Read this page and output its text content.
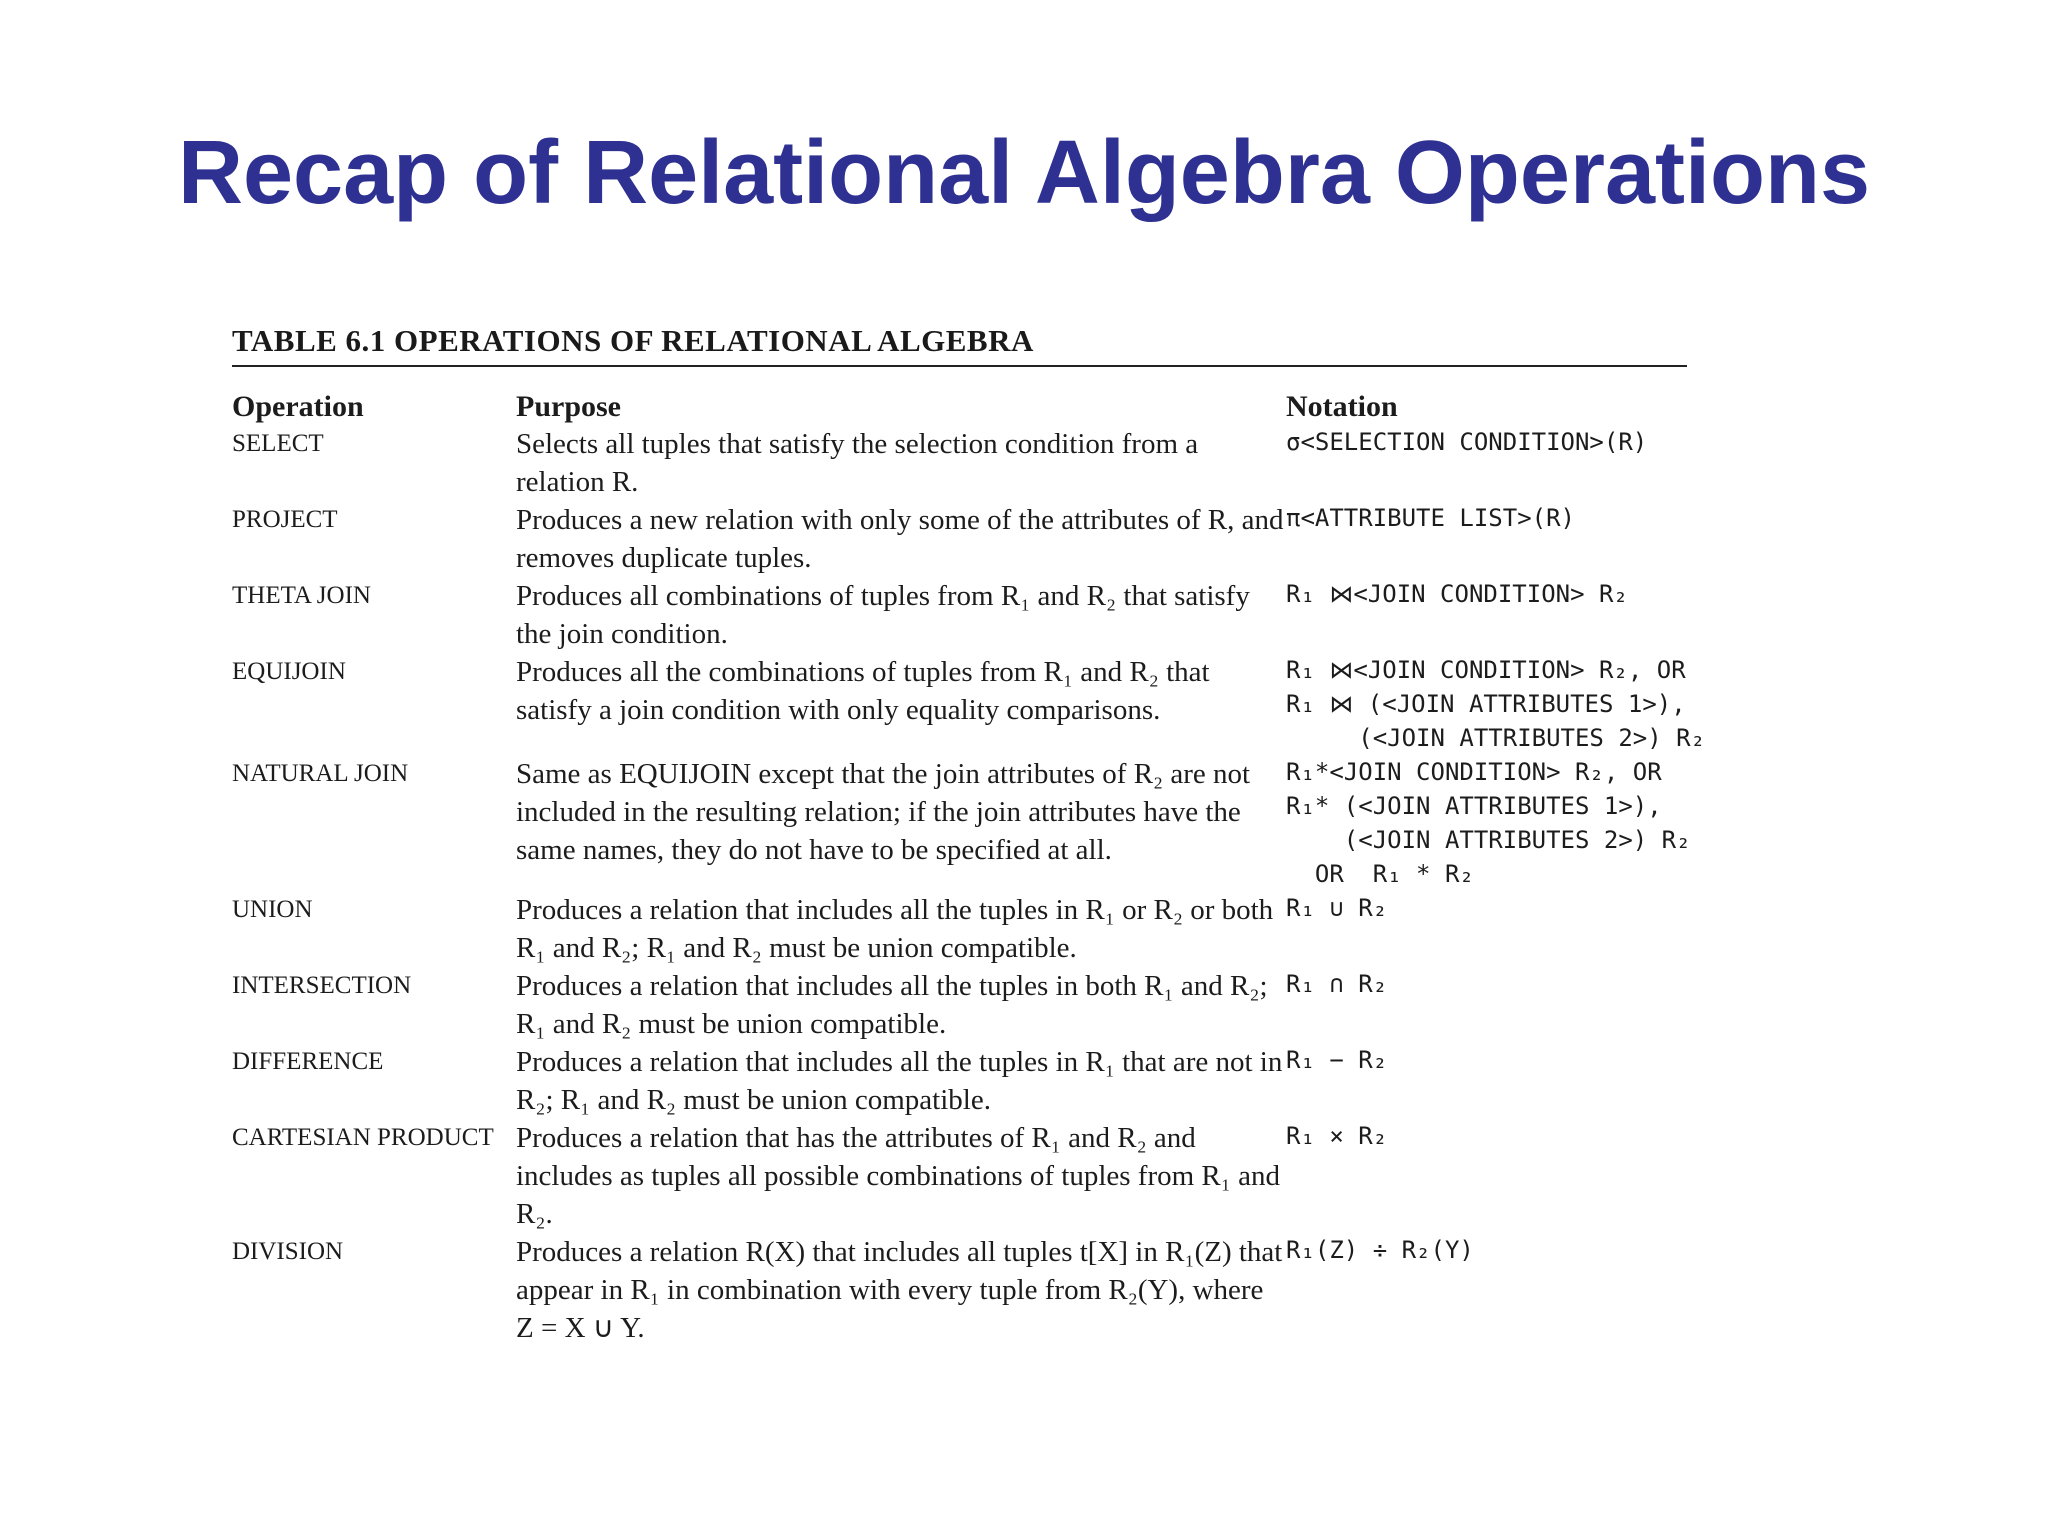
Recap of Relational Algebra Operations
TABLE 6.1 OPERATIONS OF RELATIONAL ALGEBRA
Operation	Purpose	Notation
SELECT	Selects all tuples that satisfy the selection condition from a relation R.	σ<SELECTION CONDITION>(R)

PROJECT	Produces a new relation with only some of the attributes of R, and removes duplicate tuples.	π<ATTRIBUTE LIST>(R)

THETA JOIN	Produces all combinations of tuples from R₁ and R₂ that satisfy the join condition.	R₁ ⋈<JOIN CONDITION> R₂

EQUIJOIN	Produces all the combinations of tuples from R₁ and R₂ that satisfy a join condition with only equality comparisons.	R₁ ⋈<JOIN CONDITION> R₂, OR
R₁ ⋈ (<JOIN ATTRIBUTES 1>),
(<JOIN ATTRIBUTES 2>) R₂

NATURAL JOIN	Same as EQUIJOIN except that the join attributes of R₂ are not included in the resulting relation; if the join attributes have the same names, they do not have to be specified at all.	R₁*<JOIN CONDITION> R₂, OR
R₁* (<JOIN ATTRIBUTES 1>),
(<JOIN ATTRIBUTES 2>) R₂
OR  R₁ * R₂

UNION	Produces a relation that includes all the tuples in R₁ or R₂ or both R₁ and R₂; R₁ and R₂ must be union compatible.	R₁ ∪ R₂

INTERSECTION	Produces a relation that includes all the tuples in both R₁ and R₂; R₁ and R₂ must be union compatible.	R₁ ∩ R₂

DIFFERENCE	Produces a relation that includes all the tuples in R₁ that are not in R₂; R₁ and R₂ must be union compatible.	R₁ − R₂

CARTESIAN PRODUCT	Produces a relation that has the attributes of R₁ and R₂ and includes as tuples all possible combinations of tuples from R₁ and R₂.	R₁ × R₂

DIVISION	Produces a relation R(X) that includes all tuples t[X] in R₁(Z) that appear in R₁ in combination with every tuple from R₂(Y), where Z = X ∪ Y.	R₁(Z) ÷ R₂(Y)
